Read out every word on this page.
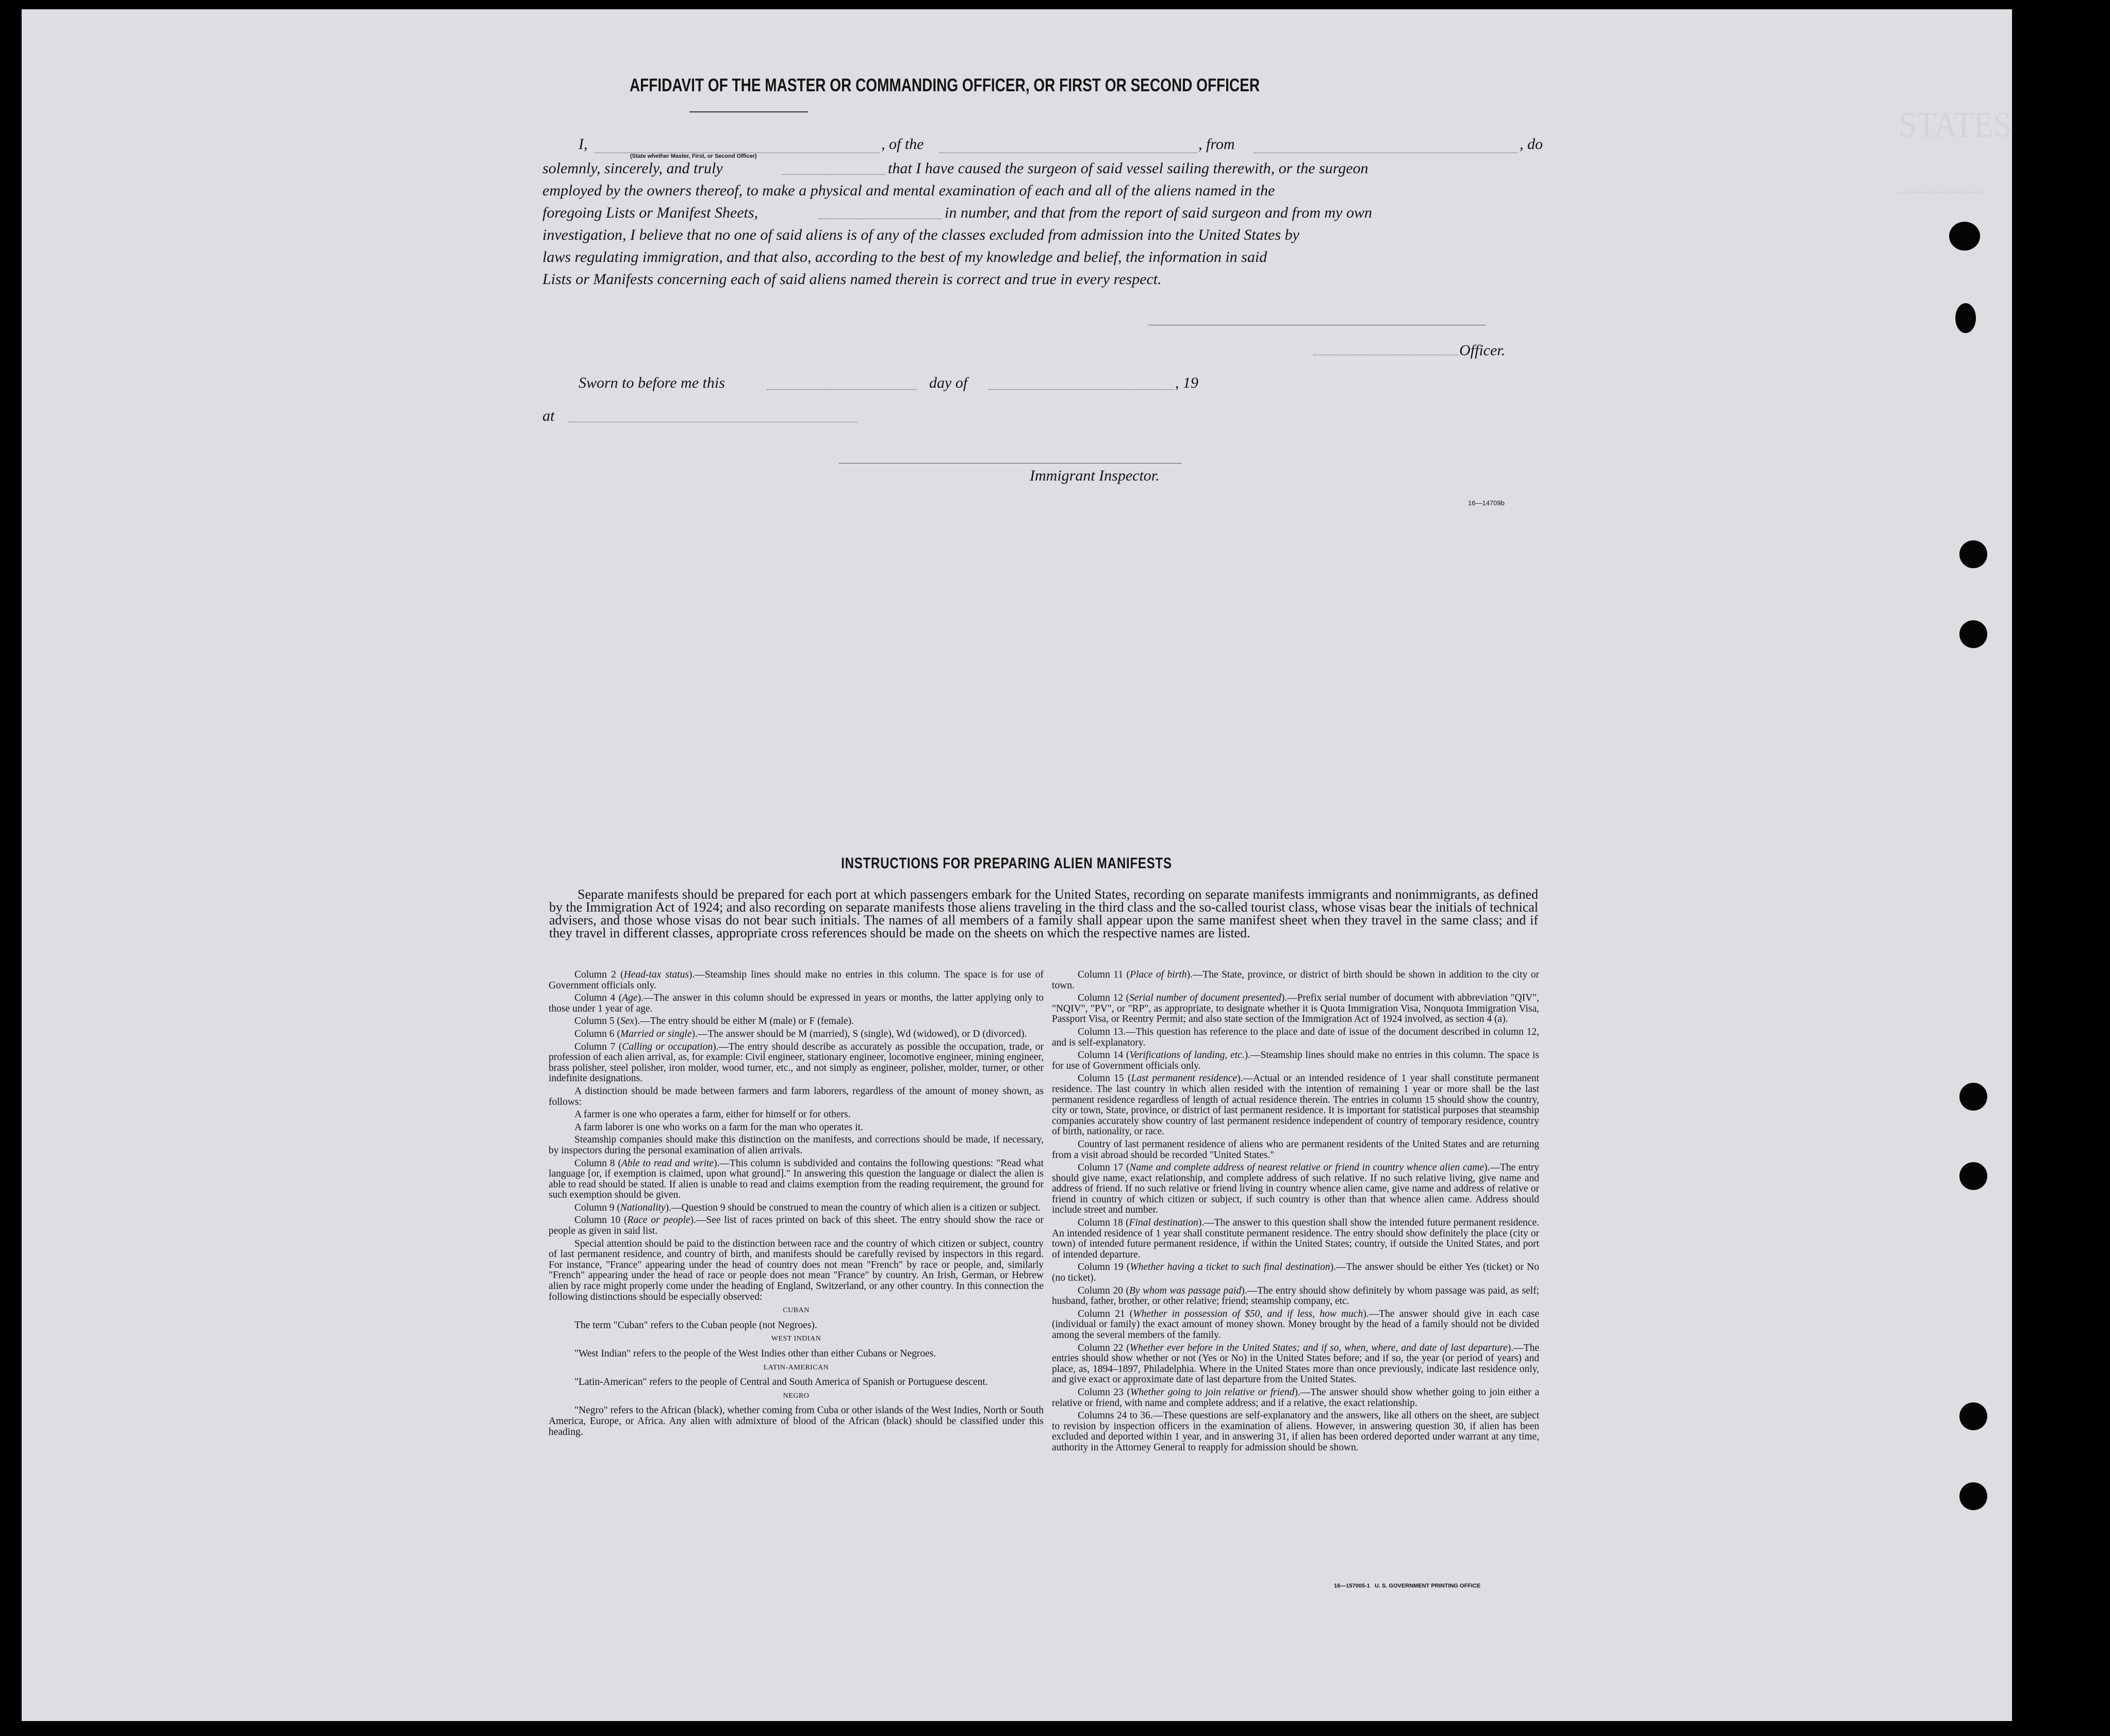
AFFIDAVIT OF THE MASTER OR COMMANDING OFFICER, OR FIRST OR SECOND OFFICER
I,
(State whether Master, First, or Second Officer)
, of the	, from	, do
solemnly, sincerely, and truly	that I have caused the surgeon of said vessel sailing therewith, or the surgeon
employed by the owners thereof, to make a physical and mental examination of each and all of the aliens named in the
foregoing Lists or Manifest Sheets,	in number, and that from the report of said surgeon and from my own
investigation, I believe that no one of said aliens is of any of the classes excluded from admission into the United States by
laws regulating immigration, and that also, according to the best of my knowledge and belief, the information in said
Lists or Manifests concerning each of said aliens named therein is correct and true in every respect.
Officer.
Sworn to before me this	day of	, 19
at
Immigrant Inspector.
16—14709b
INSTRUCTIONS FOR PREPARING ALIEN MANIFESTS

Separate manifests should be prepared for each port at which passengers embark for the United States, recording on separate manifests immigrants and nonimmigrants, as defined by the Immigration Act of 1924; and also recording on separate manifests those aliens traveling in the third class and the so-called tourist class, whose visas bear the initials of technical advisers, and those whose visas do not bear such initials. The names of all members of a family shall appear upon the same manifest sheet when they travel in the same class; and if they travel in different classes, appropriate cross references should be made on the sheets on which the respective names are listed.

Column 2 (Head-tax status).—Steamship lines should make no entries in this column. The space is for use of Government officials only.

Column 4 (Age).—The answer in this column should be expressed in years or months, the latter applying only to those under 1 year of age.

Column 5 (Sex).—The entry should be either M (male) or F (female).

Column 6 (Married or single).—The answer should be M (married), S (single), Wd (widowed), or D (divorced).

Column 7 (Calling or occupation).—The entry should describe as accurately as possible the occupation, trade, or profession of each alien arrival, as, for example: Civil engineer, stationary engineer, locomotive engineer, mining engineer, brass polisher, steel polisher, iron molder, wood turner, etc., and not simply as engineer, polisher, molder, turner, or other indefinite designations.

A distinction should be made between farmers and farm laborers, regardless of the amount of money shown, as follows:

A farmer is one who operates a farm, either for himself or for others.

A farm laborer is one who works on a farm for the man who operates it.

Steamship companies should make this distinction on the manifests, and corrections should be made, if necessary, by inspectors during the personal examination of alien arrivals.

Column 8 (Able to read and write).—This column is subdivided and contains the following questions: "Read what language [or, if exemption is claimed, upon what ground]." In answering this question the language or dialect the alien is able to read should be stated. If alien is unable to read and claims exemption from the reading requirement, the ground for such exemption should be given.

Column 9 (Nationality).—Question 9 should be construed to mean the country of which alien is a citizen or subject.

Column 10 (Race or people).—See list of races printed on back of this sheet. The entry should show the race or people as given in said list.

Special attention should be paid to the distinction between race and the country of which citizen or subject, country of last permanent residence, and country of birth, and manifests should be carefully revised by inspectors in this regard. For instance, "France" appearing under the head of country does not mean "French" by race or people, and, similarly "French" appearing under the head of race or people does not mean "France" by country. An Irish, German, or Hebrew alien by race might properly come under the heading of England, Switzerland, or any other country. In this connection the following distinctions should be especially observed:

CUBAN

The term "Cuban" refers to the Cuban people (not Negroes).

WEST INDIAN

"West Indian" refers to the people of the West Indies other than either Cubans or Negroes.

LATIN-AMERICAN

"Latin-American" refers to the people of Central and South America of Spanish or Portuguese descent.

NEGRO

"Negro" refers to the African (black), whether coming from Cuba or other islands of the West Indies, North or South America, Europe, or Africa. Any alien with admixture of blood of the African (black) should be classified under this heading.

Column 11 (Place of birth).—The State, province, or district of birth should be shown in addition to the city or town.

Column 12 (Serial number of document presented).—Prefix serial number of document with abbreviation "QIV", "NQIV", "PV", or "RP", as appropriate, to designate whether it is Quota Immigration Visa, Nonquota Immigration Visa, Passport Visa, or Reentry Permit; and also state section of the Immigration Act of 1924 involved, as section 4 (a).

Column 13.—This question has reference to the place and date of issue of the document described in column 12, and is self-explanatory.

Column 14 (Verifications of landing, etc.).—Steamship lines should make no entries in this column. The space is for use of Government officials only.

Column 15 (Last permanent residence).—Actual or an intended residence of 1 year shall constitute permanent residence. The last country in which alien resided with the intention of remaining 1 year or more shall be the last permanent residence regardless of length of actual residence therein. The entries in column 15 should show the country, city or town, State, province, or district of last permanent residence. It is important for statistical purposes that steamship companies accurately show country of last permanent residence independent of country of temporary residence, country of birth, nationality, or race.

Country of last permanent residence of aliens who are permanent residents of the United States and are returning from a visit abroad should be recorded "United States."

Column 17 (Name and complete address of nearest relative or friend in country whence alien came).—The entry should give name, exact relationship, and complete address of such relative. If no such relative living, give name and address of friend. If no such relative or friend living in country whence alien came, give name and address of relative or friend in country of which citizen or subject, if such country is other than that whence alien came. Address should include street and number.

Column 18 (Final destination).—The answer to this question shall show the intended future permanent residence. An intended residence of 1 year shall constitute permanent residence. The entry should show definitely the place (city or town) of intended future permanent residence, if within the United States; country, if outside the United States, and port of intended departure.

Column 19 (Whether having a ticket to such final destination).—The answer should be either Yes (ticket) or No (no ticket).

Column 20 (By whom was passage paid).—The entry should show definitely by whom passage was paid, as self; husband, father, brother, or other relative; friend; steamship company, etc.

Column 21 (Whether in possession of $50, and if less, how much).—The answer should give in each case (individual or family) the exact amount of money shown. Money brought by the head of a family should not be divided among the several members of the family.

Column 22 (Whether ever before in the United States; and if so, when, where, and date of last departure).—The entries should show whether or not (Yes or No) in the United States before; and if so, the year (or period of years) and place, as, 1894–1897, Philadelphia. Where in the United States more than once previously, indicate last residence only, and give exact or approximate date of last departure from the United States.

Column 23 (Whether going to join relative or friend).—The answer should show whether going to join either a relative or friend, with name and complete address; and if a relative, the exact relationship.

Columns 24 to 36.—These questions are self-explanatory and the answers, like all others on the sheet, are subject to revision by inspection officers in the examination of aliens. However, in answering question 30, if alien has been excluded and deported within 1 year, and in answering 31, if alien has been ordered deported under warrant at any time, authority in the Attorney General to reapply for admission should be shown.

16—157005-1   U. S. GOVERNMENT PRINTING OFFICE
